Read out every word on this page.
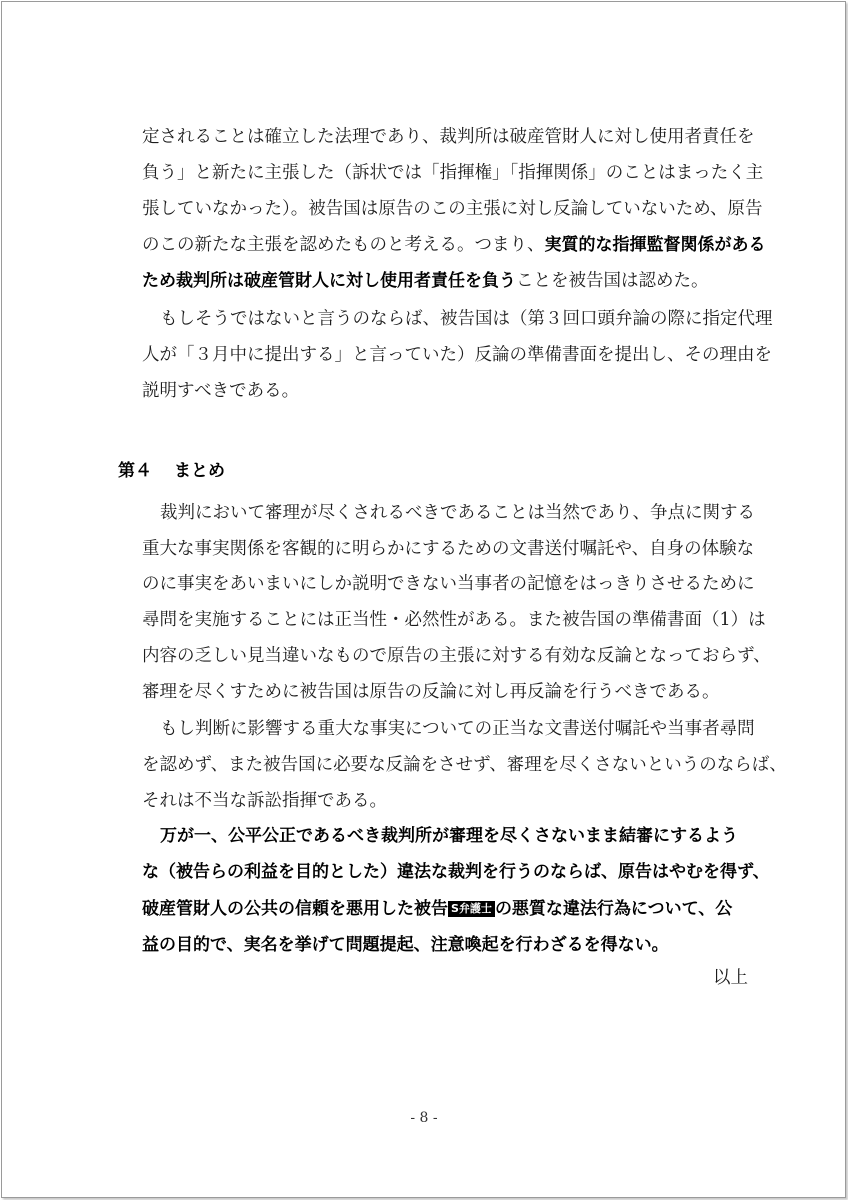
定されることは確立した法理であり、裁判所は破産管財人に対し使用者責任を
負う」と新たに主張した（訴状では「指揮権」「指揮関係」のことはまったく主
張していなかった）。被告国は原告のこの主張に対し反論していないため、原告
のこの新たな主張を認めたものと考える。つまり、実質的な指揮監督関係がある
ため裁判所は破産管財人に対し使用者責任を負うことを被告国は認めた。
もしそうではないと言うのならば、被告国は（第３回口頭弁論の際に指定代理
人が「３月中に提出する」と言っていた）反論の準備書面を提出し、その理由を
説明すべきである。
第４ まとめ
裁判において審理が尽くされるべきであることは当然であり、争点に関する
重大な事実関係を客観的に明らかにするための文書送付嘱託や、自身の体験な
のに事実をあいまいにしか説明できない当事者の記憶をはっきりさせるために
尋問を実施することには正当性・必然性がある。また被告国の準備書面（1）は
内容の乏しい見当違いなもので原告の主張に対する有効な反論となっておらず、
審理を尽くすために被告国は原告の反論に対し再反論を行うべきである。
もし判断に影響する重大な事実についての正当な文書送付嘱託や当事者尋問
を認めず、また被告国に必要な反論をさせず、審理を尽くさないというのならば、
それは不当な訴訟指揮である。
万が一、公平公正であるべき裁判所が審理を尽くさないまま結審にするよう
な（被告らの利益を目的とした）違法な裁判を行うのならば、原告はやむを得ず、
破産管財人の公共の信頼を悪用した被告 S弁護士 の悪質な違法行為について、公
益の目的で、実名を挙げて問題提起、注意喚起を行わざるを得ない。
以上
- 8 -
